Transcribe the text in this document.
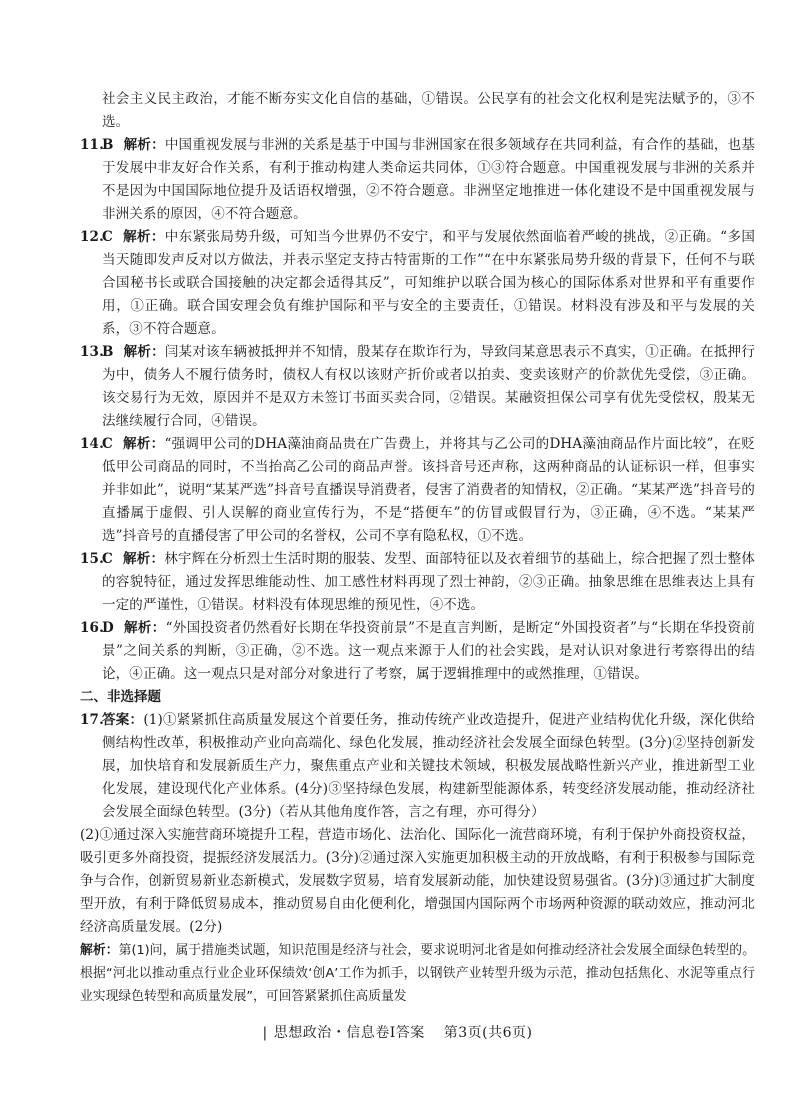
社会主义民主政治，才能不断夯实文化自信的基础，①错误。公民享有的社会文化权利是宪法赋予的，③不选。

11.
B 解析：中国重视发展与非洲的关系是基于中国与非洲国家在很多领域存在共同利益，有合作的基础，也基于发展中非友好合作关系，有利于推动构建人类命运共同体，①③符合题意。中国重视发展与非洲的关系并不是因为中国国际地位提升及话语权增强，②不符合题意。非洲坚定地推进一体化建设不是中国重视发展与非洲关系的原因，④不符合题意。
12.
C 解析：中东紧张局势升级，可知当今世界仍不安宁，和平与发展依然面临着严峻的挑战，②正确。“多国当天随即发声反对以方做法，并表示坚定支持古特雷斯的工作”“在中东紧张局势升级的背景下，任何不与联合国秘书长或联合国接触的决定都会适得其反”，可知维护以联合国为核心的国际体系对世界和平有重要作用，①正确。联合国安理会负有维护国际和平与安全的主要责任，①错误。材料没有涉及和平与发展的关系，③不符合题意。
13.
B 解析：闫某对该车辆被抵押并不知情，殷某存在欺诈行为，导致闫某意思表示不真实，①正确。在抵押行为中，债务人不履行债务时，债权人有权以该财产折价或者以拍卖、变卖该财产的价款优先受偿，③正确。该交易行为无效，原因并不是双方未签订书面买卖合同，②错误。某融资担保公司享有优先受偿权，殷某无法继续履行合同，④错误。
14.
C 解析：“强调甲公司的DHA藻油商品贵在广告费上，并将其与乙公司的DHA藻油商品作片面比较”，在贬低甲公司商品的同时，不当抬高乙公司的商品声誉。该抖音号还声称，这两种商品的认证标识一样，但事实并非如此”，说明“某某严选”抖音号直播误导消费者，侵害了消费者的知情权，②正确。“某某严选”抖音号的直播属于虚假、引人误解的商业宣传行为，不是“搭便车”的仿冒或假冒行为，③正确，④不选。“某某严选”抖音号的直播侵害了甲公司的名誉权，公司不享有隐私权，①不选。
15.
C 解析：林宇辉在分析烈士生活时期的服装、发型、面部特征以及衣着细节的基础上，综合把握了烈士整体的容貌特征，通过发挥思维能动性、加工感性材料再现了烈士神韵，②③正确。抽象思维在思维表达上具有一定的严谨性，①错误。材料没有体现思维的预见性，④不选。
16.
D 解析：“外国投资者仍然看好长期在华投资前景”不是直言判断，是断定“外国投资者”与“长期在华投资前景”之间关系的判断，③正确，②不选。这一观点来源于人们的社会实践，是对认识对象进行考察得出的结论，④正确。这一观点只是对部分对象进行了考察，属于逻辑推理中的或然推理，①错误。

二、非选择题

17.
答案：(1)①紧紧抓住高质量发展这个首要任务，推动传统产业改造提升，促进产业结构优化升级，深化供给侧结构性改革，积极推动产业向高端化、绿色化发展，推动经济社会发展全面绿色转型。(3分)②坚持创新发展，加快培育和发展新质生产力，聚焦重点产业和关键技术领域，积极发展战略性新兴产业，推进新型工业化发展，建设现代化产业体系。(4分)③坚持绿色发展，构建新型能源体系，转变经济发展动能，推动经济社会发展全面绿色转型。(3分)（若从其他角度作答，言之有理，亦可得分）

(2)①通过深入实施营商环境提升工程，营造市场化、法治化、国际化一流营商环境，有利于保护外商投资权益，吸引更多外商投资，提振经济发展活力。(3分)②通过深入实施更加积极主动的开放战略，有利于积极参与国际竞争与合作，创新贸易新业态新模式，发展数字贸易，培育发展新动能，加快建设贸易强省。(3分)③通过扩大制度型开放，有利于降低贸易成本，推动贸易自由化便利化，增强国内国际两个市场两种资源的联动效应，推动河北经济高质量发展。(2分)

解析：第(1)问，属于措施类试题，知识范围是经济与社会，要求说明河北省是如何推动经济社会发展全面绿色转型的。根据“河北以推动重点行业企业环保绩效‘创A’工作为抓手，以钢铁产业转型升级为示范，推动包括焦化、水泥等重点行业实现绿色转型和高质量发展”，可回答紧紧抓住高质量发

| 思想政治・信息卷Ⅰ答案 第3页(共6页)
